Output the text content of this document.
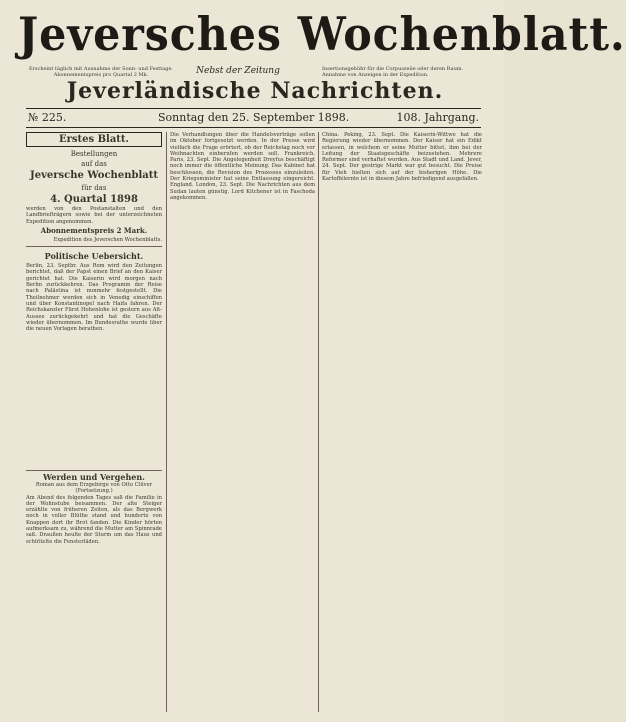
Jeversches Wochenblatt.
Erscheint täglich mit Ausnahme der Sonn- und Festtage. Abonnementspreis pro Quartal 2 Mk.	Nebst der Zeitung	Insertionsgebühr für die Corpuszeile oder deren Raum. Annahme von Anzeigen in der Expedition.
Jeverländische Nachrichten.
№ 225.	Sonntag den 25. September 1898.	108. Jahrgang.
Erstes Blatt.
Bestellungen
auf das
Jeversche Wochenblatt
für das
4. Quartal 1898
werden von den Postanstalten und den Landbriefträgern sowie bei der unterzeichneten Expedition angenommen.
Abonnementspreis 2 Mark.
Expedition des Jeverschen Wochenblatts.
Politische Uebersicht.
Berlin, 23. Septbr. Aus Rom wird den Zeitungen berichtet, daß der Papst einen Brief an den Kaiser gerichtet hat. Die Kaiserin wird morgen nach Berlin zurückkehren. Das Programm der Reise nach Palästina ist nunmehr festgestellt. Die Theilnehmer werden sich in Venedig einschiffen und über Konstantinopel nach Haifa fahren. Der Reichskanzler Fürst Hohenlohe ist gestern aus Alt-Aussee zurückgekehrt und hat die Geschäfte wieder übernommen. Im Bundesrathe wurde über die neuen Vorlagen berathen.
Werden und Vergehen.
Roman aus dem Erzgebirge von Otto Clüver
(Fortsetzung.)
Am Abend des folgenden Tages saß die Familie in der Wohnstube beisammen. Der alte Steiger erzählte von früheren Zeiten, als das Bergwerk noch in voller Blüthe stand und hunderte von Knappen dort ihr Brot fanden. Die Kinder hörten aufmerksam zu, während die Mutter am Spinnrade saß. Draußen heulte der Sturm um das Haus und schüttelte die Fensterläden.
Die Verhandlungen über die Handelsverträge sollen im Oktober fortgesetzt werden. In der Presse wird vielfach die Frage erörtert, ob der Reichstag noch vor Weihnachten einberufen werden soll. Frankreich. Paris, 23. Sept. Die Angelegenheit Dreyfus beschäftigt noch immer die öffentliche Meinung. Das Kabinet hat beschlossen, die Revision des Prozesses einzuleiten. Der Kriegsminister hat seine Entlassung eingereicht. England. London, 23. Sept. Die Nachrichten aus dem Sudan lauten günstig. Lord Kitchener ist in Faschoda angekommen.
China. Peking, 23. Sept. Die Kaiserin-Wittwe hat die Regierung wieder übernommen. Der Kaiser hat ein Edikt erlassen, in welchem er seine Mutter bittet, ihm bei der Leitung der Staatsgeschäfte beizustehen. Mehrere Reformer sind verhaftet worden. Aus Stadt und Land. Jever, 24. Sept. Der gestrige Markt war gut besucht. Die Preise für Vieh hielten sich auf der bisherigen Höhe. Die Kartoffelernte ist in diesem Jahre befriedigend ausgefallen.
